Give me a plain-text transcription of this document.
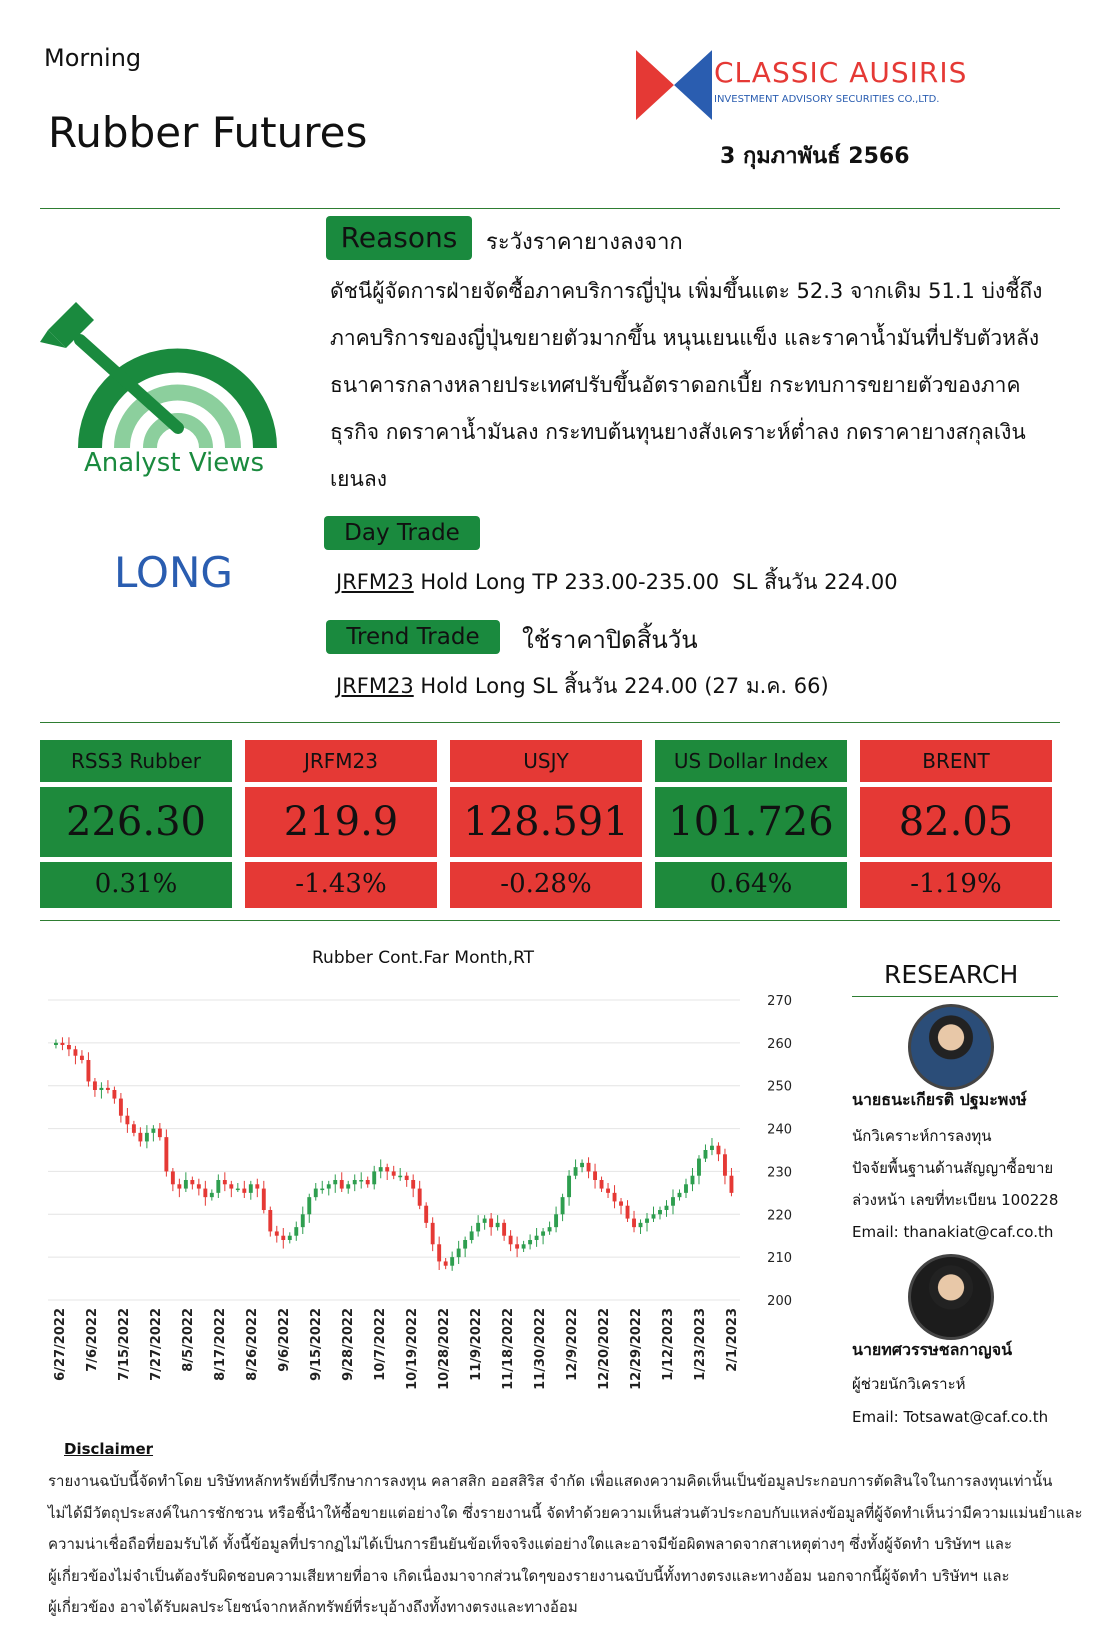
Morning
Rubber Futures
CLASSIC AUSIRIS
INVESTMENT ADVISORY SECURITIES CO.,LTD.
3 กุมภาพันธ์ 2566
Analyst Views
LONG
Reasons	ระวังราคายางลงจาก
ดัชนีผู้จัดการฝ่ายจัดซื้อภาคบริการญี่ปุ่น เพิ่มขึ้นแตะ 52.3 จากเดิม 51.1 บ่งชี้ถึง
ภาคบริการของญี่ปุ่นขยายตัวมากขึ้น หนุนเยนแข็ง และราคาน้ำมันที่ปรับตัวหลัง
ธนาคารกลางหลายประเทศปรับขึ้นอัตราดอกเบี้ย กระทบการขยายตัวของภาค
ธุรกิจ กดราคาน้ำมันลง กระทบต้นทุนยางสังเคราะห์ต่ำลง กดราคายางสกุลเงิน
เยนลง
Day Trade
JRFM23 Hold Long TP 233.00-235.00  SL สิ้นวัน 224.00
Trend Trade	ใช้ราคาปิดสิ้นวัน
JRFM23 Hold Long SL สิ้นวัน 224.00 (27 ม.ค. 66)
RSS3 Rubber
226.30
0.31%
JRFM23
219.9
-1.43%
USJY
128.591
-0.28%
US Dollar Index
101.726
0.64%
BRENT
82.05
-1.19%
Rubber Cont.Far Month,RT
270
260
250
240
230
220
210
200
6/27/2022 7/6/2022 7/15/2022 7/27/2022 8/5/2022 8/17/2022 8/26/2022 9/6/2022 9/15/2022 9/28/2022 10/7/2022 10/19/2022 10/28/2022 11/9/2022 11/18/2022 11/30/2022 12/9/2022 12/20/2022 12/29/2022 1/12/2023 1/23/2023 2/1/2023
RESEARCH
นายธนะเกียรติ ปฐมะพงษ์
นักวิเคราะห์การลงทุน
ปัจจัยพื้นฐานด้านสัญญาซื้อขาย
ล่วงหน้า เลขที่ทะเบียน 100228
Email: thanakiat@caf.co.th
นายทศวรรษชลกาญจน์
ผู้ช่วยนักวิเคราะห์
Email: Totsawat@caf.co.th
Disclaimer
รายงานฉบับนี้จัดทำโดย บริษัทหลักทรัพย์ที่ปรึกษาการลงทุน คลาสสิก ออสสิริส จำกัด เพื่อแสดงความคิดเห็นเป็นข้อมูลประกอบการตัดสินใจในการลงทุนเท่านั้น
ไม่ได้มีวัตถุประสงค์ในการชักชวน หรือชี้นำให้ซื้อขายแต่อย่างใด ซึ่งรายงานนี้ จัดทำด้วยความเห็นส่วนตัวประกอบกับแหล่งข้อมูลที่ผู้จัดทำเห็นว่ามีความแม่นยำและ
ความน่าเชื่อถือที่ยอมรับได้ ทั้งนี้ข้อมูลที่ปรากฏไม่ได้เป็นการยืนยันข้อเท็จจริงแต่อย่างใดและอาจมีข้อผิดพลาดจากสาเหตุต่างๆ ซึ่งทั้งผู้จัดทำ บริษัทฯ และ
ผู้เกี่ยวข้องไม่จำเป็นต้องรับผิดชอบความเสียหายที่อาจ เกิดเนื่องมาจากส่วนใดๆของรายงานฉบับนี้ทั้งทางตรงและทางอ้อม นอกจากนี้ผู้จัดทำ บริษัทฯ และ
ผู้เกี่ยวข้อง อาจได้รับผลประโยชน์จากหลักทรัพย์ที่ระบุอ้างถึงทั้งทางตรงและทางอ้อม
